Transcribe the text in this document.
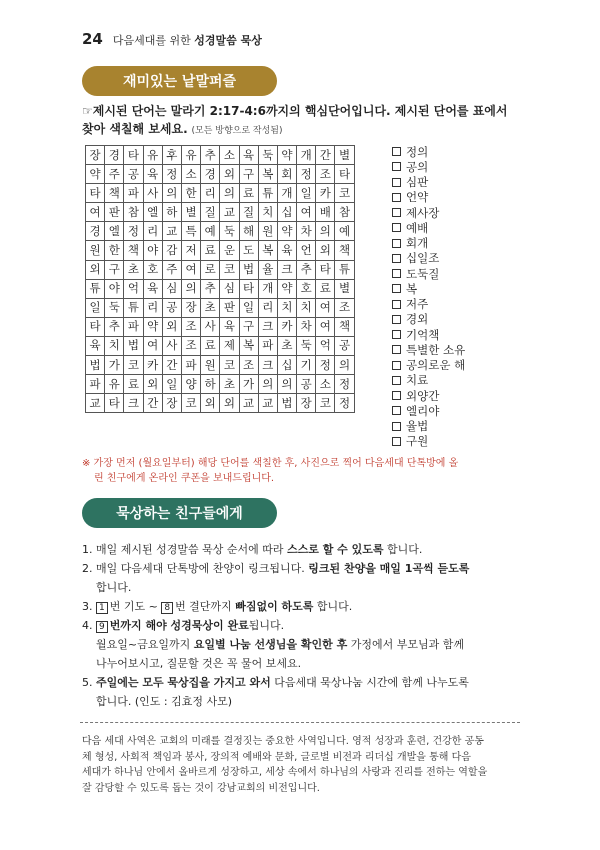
24 다음세대를 위한 성경말씀 묵상
재미있는 낱말퍼즐
☞제시된 단어는 말라기 2:17-4:6까지의 핵심단어입니다. 제시된 단어를 표에서 찾아 색칠해 보세요. (모든 방향으로 작성됨)
장	경	타	유	후	유	추	소	육	둑	약	개	간	별
약	주	공	육	정	소	경	외	구	복	회	정	조	타
타	책	파	사	의	한	리	의	료	튜	개	일	카	코
여	판	참	엘	하	별	질	교	질	치	십	여	배	참
경	엘	정	리	교	특	예	둑	해	원	약	차	의	예
원	한	책	야	감	저	료	운	도	복	육	언	외	책
외	구	초	호	주	여	로	코	법	율	크	추	타	튜
튜	야	억	육	심	의	추	심	타	개	약	호	료	별
일	둑	튜	리	공	장	초	판	일	리	치	치	여	조
타	추	파	약	외	조	사	육	구	크	카	차	여	책
육	치	법	여	사	조	료	제	복	파	초	둑	억	공
법	가	코	카	간	파	원	코	조	크	십	기	정	의
파	유	료	외	일	양	하	초	가	의	의	공	소	정
교	타	크	간	장	코	외	외	교	교	법	장	코	정
정의
공의
심판
언약
제사장
예배
회개
십일조
도둑질
복
저주
경외
기억책
특별한 소유
공의로운 해
치료
외양간
엘리야
율법
구원
※ 가장 먼저 (월요일부터) 해당 단어를 색칠한 후, 사진으로 찍어 다음세대 단톡방에 올
린 친구에게 온라인 쿠폰을 보내드립니다.
묵상하는 친구들에게
1. 매일 제시된 성경말씀 묵상 순서에 따라 스스로 할 수 있도록 합니다.
2. 매일 다음세대 단톡방에 찬양이 링크됩니다. 링크된 찬양을 매일 1곡씩 듣도록
합니다.
3. 1 번 기도 ~ 8 번 결단까지 빠짐없이 하도록 합니다.
4. 9 번까지 해야 성경묵상이 완료됩니다.
월요일~금요일까지 요일별 나눔 선생님을 확인한 후 가정에서 부모님과 함께
나누어보시고, 질문할 것은 꼭 물어 보세요.
5. 주일에는 모두 묵상집을 가지고 와서 다음세대 묵상나눔 시간에 함께 나누도록
합니다. (인도 : 김효정 사모)
다음 세대 사역은 교회의 미래를 결정짓는 중요한 사역입니다. 영적 성장과 훈련, 건강한 공동
체 형성, 사회적 책임과 봉사, 장의적 예배와 문화, 글로벌 비전과 리더십 개발을 통해 다음
세대가 하나님 안에서 올바르게 성장하고, 세상 속에서 하나님의 사랑과 진리를 전하는 역할을
잘 감당할 수 있도록 돕는 것이 강남교회의 비전입니다.
